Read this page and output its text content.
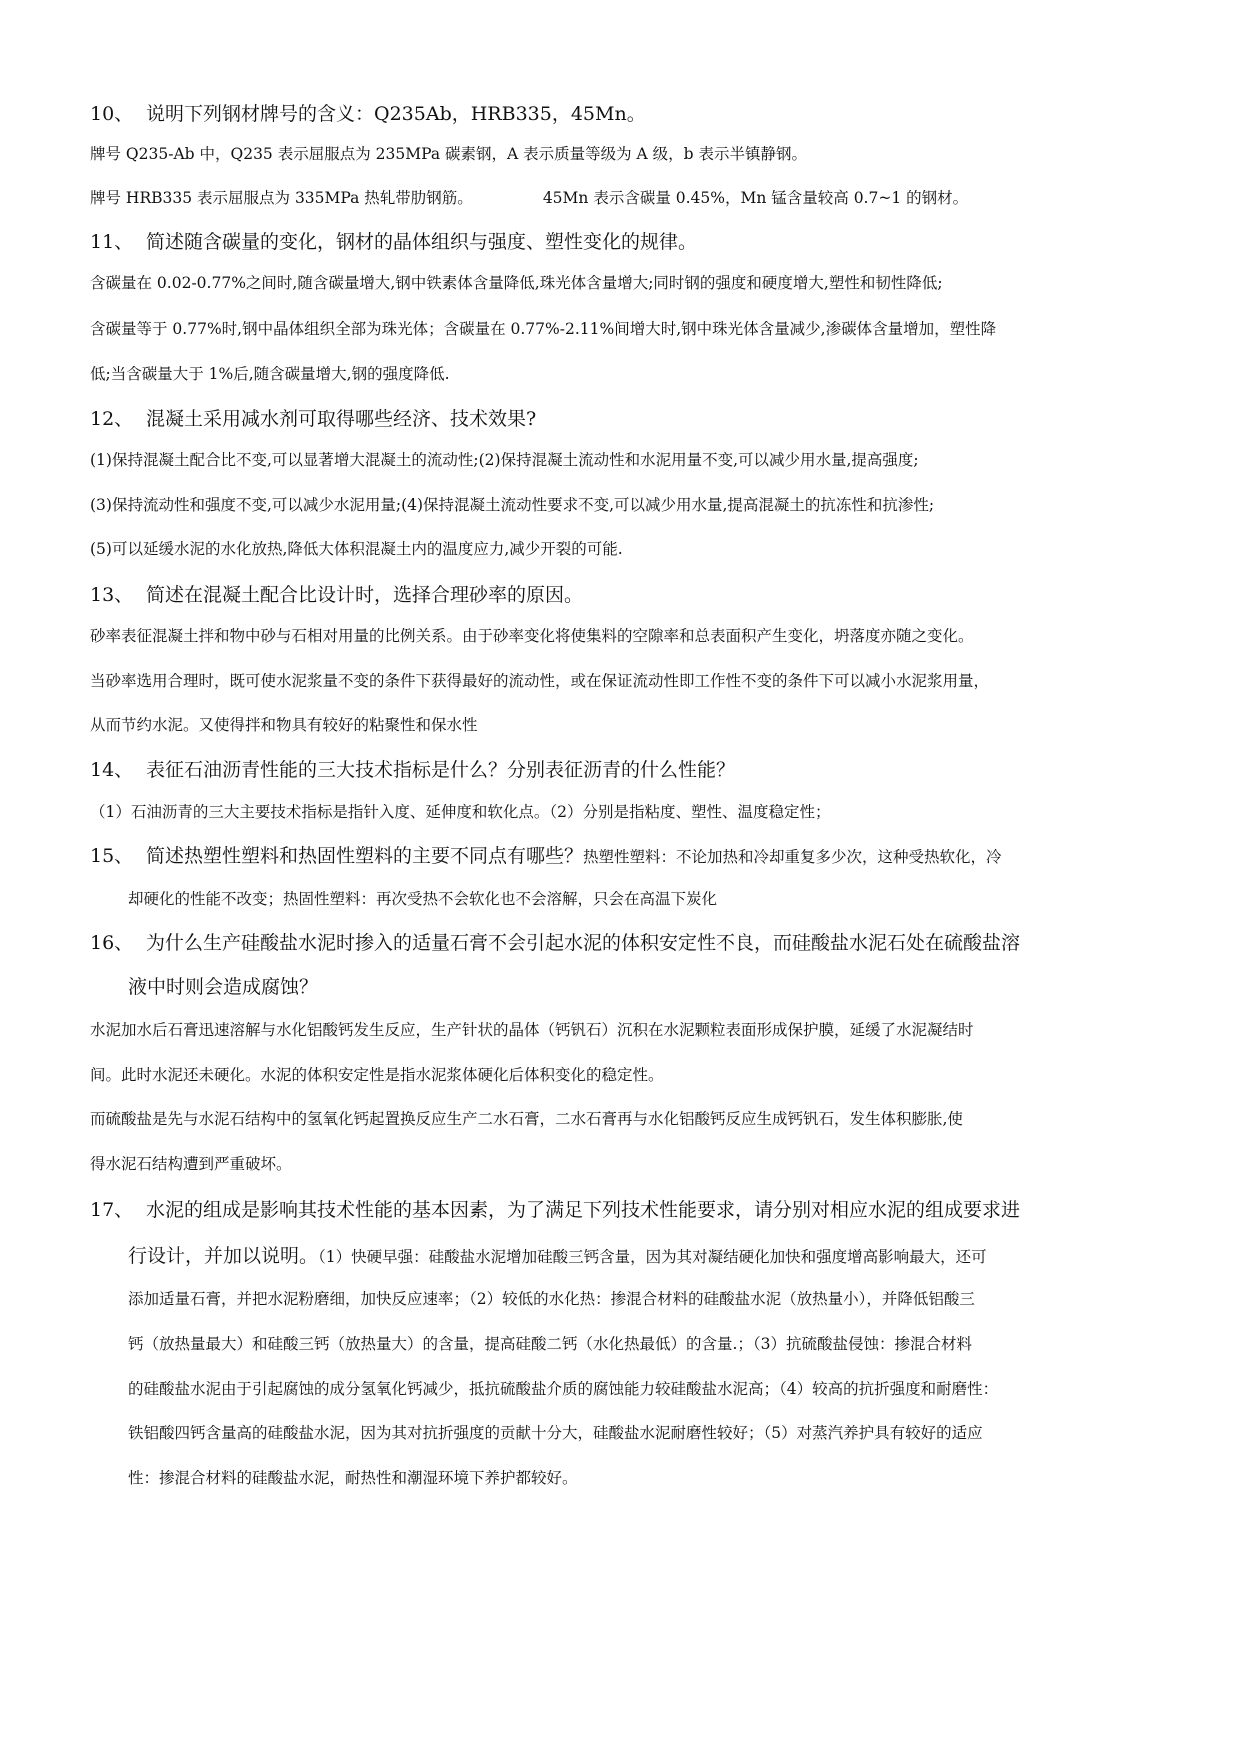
10、 说明下列钢材牌号的含义：Q235Ab，HRB335，45Mn。
牌号 Q235-Ab 中，Q235 表示屈服点为 235MPa 碳素钢，A 表示质量等级为 A 级，b 表示半镇静钢。
牌号 HRB335 表示屈服点为 335MPa 热轧带肋钢筋。	45Mn 表示含碳量 0.45%，Mn 锰含量较高 0.7~1 的钢材。
11、 简述随含碳量的变化，钢材的晶体组织与强度、塑性变化的规律。
含碳量在 0.02-0.77%之间时,随含碳量增大,钢中铁素体含量降低,珠光体含量增大;同时钢的强度和硬度增大,塑性和韧性降低;
含碳量等于 0.77%时,钢中晶体组织全部为珠光体；含碳量在 0.77%-2.11%间增大时,钢中珠光体含量减少,渗碳体含量增加，塑性降
低;当含碳量大于 1%后,随含碳量增大,钢的强度降低.
12、 混凝土采用减水剂可取得哪些经济、技术效果?
(1)保持混凝土配合比不变,可以显著增大混凝土的流动性;(2)保持混凝土流动性和水泥用量不变,可以减少用水量,提高强度;
(3)保持流动性和强度不变,可以减少水泥用量;(4)保持混凝土流动性要求不变,可以减少用水量,提高混凝土的抗冻性和抗渗性;
(5)可以延缓水泥的水化放热,降低大体积混凝土内的温度应力,减少开裂的可能.
13、 简述在混凝土配合比设计时，选择合理砂率的原因。
砂率表征混凝土拌和物中砂与石相对用量的比例关系。由于砂率变化将使集料的空隙率和总表面积产生变化，坍落度亦随之变化。
当砂率选用合理时，既可使水泥浆量不变的条件下获得最好的流动性，或在保证流动性即工作性不变的条件下可以减小水泥浆用量，
从而节约水泥。又使得拌和物具有较好的粘聚性和保水性
14、 表征石油沥青性能的三大技术指标是什么？分别表征沥青的什么性能？
（1）石油沥青的三大主要技术指标是指针入度、延伸度和软化点。（2）分别是指粘度、塑性、温度稳定性；
15、 简述热塑性塑料和热固性塑料的主要不同点有哪些？热塑性塑料：不论加热和冷却重复多少次，这种受热软化，冷
却硬化的性能不改变；热固性塑料：再次受热不会软化也不会溶解，只会在高温下炭化
16、 为什么生产硅酸盐水泥时掺入的适量石膏不会引起水泥的体积安定性不良，而硅酸盐水泥石处在硫酸盐溶
液中时则会造成腐蚀？
水泥加水后石膏迅速溶解与水化铝酸钙发生反应，生产针状的晶体（钙钒石）沉积在水泥颗粒表面形成保护膜，延缓了水泥凝结时
间。此时水泥还未硬化。水泥的体积安定性是指水泥浆体硬化后体积变化的稳定性。
而硫酸盐是先与水泥石结构中的氢氧化钙起置换反应生产二水石膏，二水石膏再与水化铝酸钙反应生成钙钒石，发生体积膨胀,使
得水泥石结构遭到严重破坏。
17、 水泥的组成是影响其技术性能的基本因素，为了满足下列技术性能要求，请分别对相应水泥的组成要求进
行设计，并加以说明。（1）快硬早强：硅酸盐水泥增加硅酸三钙含量，因为其对凝结硬化加快和强度增高影响最大，还可
添加适量石膏，并把水泥粉磨细，加快反应速率；（2）较低的水化热：掺混合材料的硅酸盐水泥（放热量小），并降低铝酸三
钙（放热量最大）和硅酸三钙（放热量大）的含量，提高硅酸二钙（水化热最低）的含量.；（3）抗硫酸盐侵蚀：掺混合材料
的硅酸盐水泥由于引起腐蚀的成分氢氧化钙减少，抵抗硫酸盐介质的腐蚀能力较硅酸盐水泥高；（4）较高的抗折强度和耐磨性：
铁铝酸四钙含量高的硅酸盐水泥，因为其对抗折强度的贡献十分大，硅酸盐水泥耐磨性较好；（5）对蒸汽养护具有较好的适应
性：掺混合材料的硅酸盐水泥，耐热性和潮湿环境下养护都较好。
